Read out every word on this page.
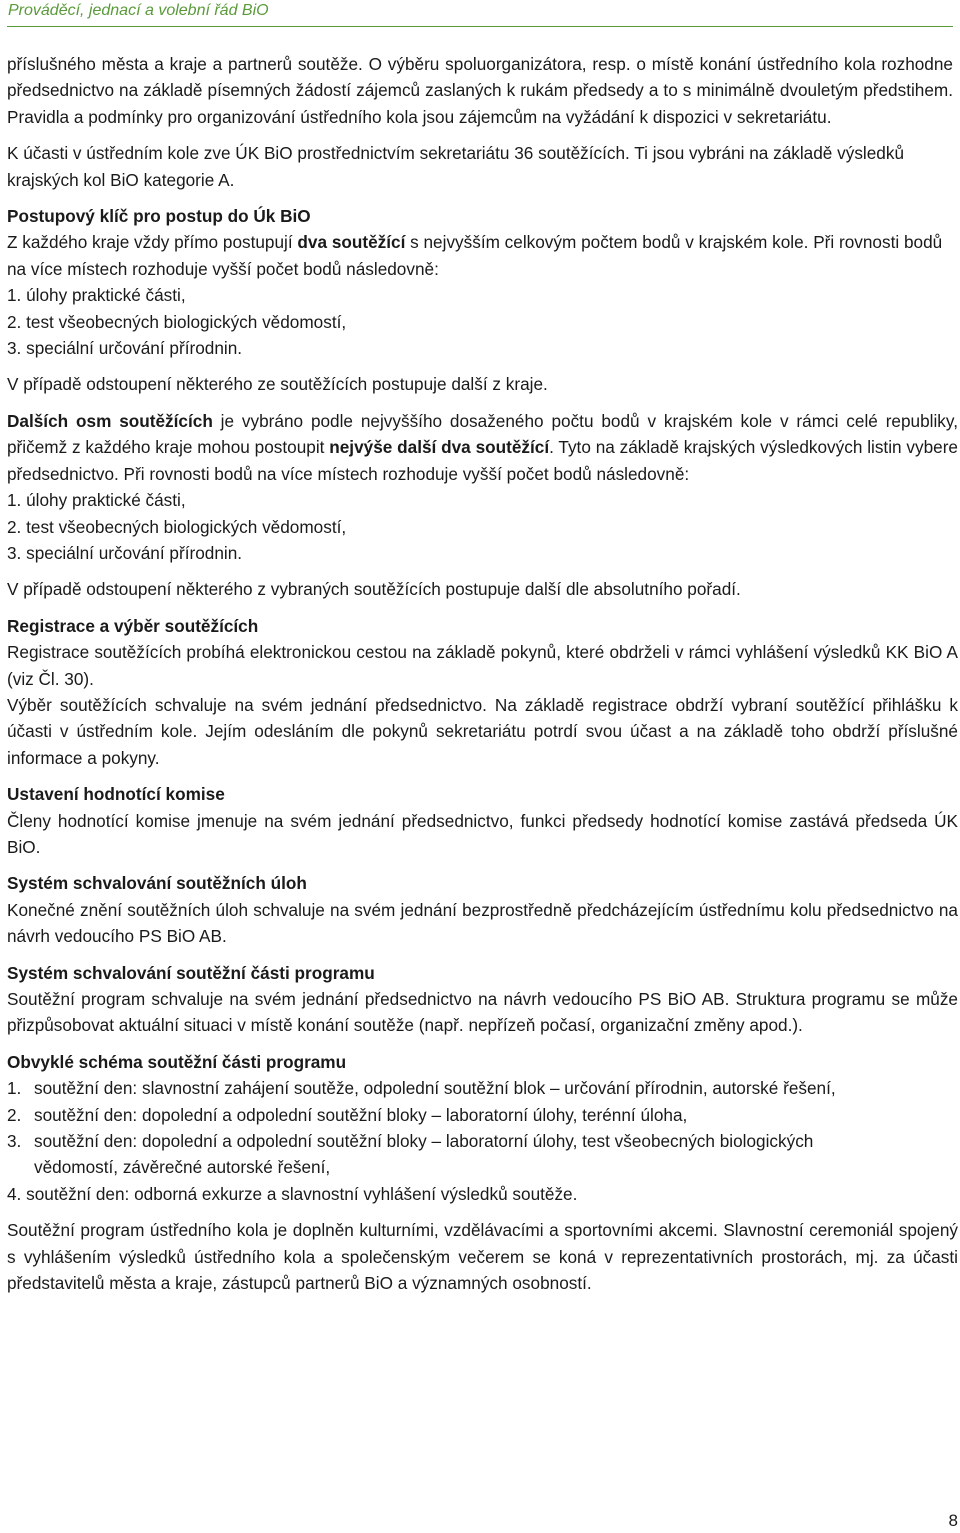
Prováděcí, jednací a volební řád BiO

příslušného města a kraje a partnerů soutěže. O výběru spoluorganizátora, resp. o místě konání ústředního kola rozhodne předsednictvo na základě písemných žádostí zájemců zaslaných k rukám předsedy a to s minimálně dvouletým předstihem. Pravidla a podmínky pro organizování ústředního kola jsou zájemcům na vyžádání k dispozici v sekretariátu.

K účasti v ústředním kole zve ÚK BiO prostřednictvím sekretariátu 36 soutěžících. Ti jsou vybráni na základě výsledků krajských kol BiO kategorie A.

Postupový klíč pro postup do Úk BiO

Z každého kraje vždy přímo postupují dva soutěžící s nejvyšším celkovým počtem bodů v krajském kole. Při rovnosti bodů na více místech rozhoduje vyšší počet bodů následovně:

1. úlohy praktické části,

2. test všeobecných biologických vědomostí,

3. speciální určování přírodnin.

V případě odstoupení některého ze soutěžících postupuje další z kraje.

Dalších osm soutěžících je vybráno podle nejvyššího dosaženého počtu bodů v krajském kole v rámci celé republiky, přičemž z každého kraje mohou postoupit nejvýše další dva soutěžící. Tyto na základě krajských výsledkových listin vybere předsednictvo. Při rovnosti bodů na více místech rozhoduje vyšší počet bodů následovně:

1. úlohy praktické části,

2. test všeobecných biologických vědomostí,

3. speciální určování přírodnin.

V případě odstoupení některého z vybraných soutěžících postupuje další dle absolutního pořadí.

Registrace a výběr soutěžících

Registrace soutěžících probíhá elektronickou cestou na základě pokynů, které obdrželi v rámci vyhlášení výsledků KK BiO A (viz Čl. 30).

Výběr soutěžících schvaluje na svém jednání předsednictvo. Na základě registrace obdrží vybraní soutěžící přihlášku k účasti v ústředním kole. Jejím odesláním dle pokynů sekretariátu potrdí svou účast a na základě toho obdrží příslušné informace a pokyny.

Ustavení hodnotící komise

Členy hodnotící komise jmenuje na svém jednání předsednictvo, funkci předsedy hodnotící komise zastává předseda ÚK BiO.

Systém schvalování soutěžních úloh

Konečné znění soutěžních úloh schvaluje na svém jednání bezprostředně předcházejícím ústřednímu kolu předsednictvo na návrh vedoucího PS BiO AB.

Systém schvalování soutěžní části programu

Soutěžní program schvaluje na svém jednání předsednictvo na návrh vedoucího PS BiO AB. Struktura programu se může přizpůsobovat aktuální situaci v místě konání soutěže (např. nepřízeň počasí, organizační změny apod.).

Obvyklé schéma soutěžní části programu

1. soutěžní den: slavnostní zahájení soutěže, odpolední soutěžní blok – určování přírodnin, autorské řešení,
2. soutěžní den: dopolední a odpolední soutěžní bloky – laboratorní úlohy, terénní úloha,
3. soutěžní den: dopolední a odpolední soutěžní bloky – laboratorní úlohy, test všeobecných biologických vědomostí, závěrečné autorské řešení,

4. soutěžní den: odborná exkurze a slavnostní vyhlášení výsledků soutěže.

Soutěžní program ústředního kola je doplněn kulturními, vzdělávacími a sportovními akcemi. Slavnostní ceremoniál spojený s vyhlášením výsledků ústředního kola a společenským večerem se koná v reprezentativních prostorách, mj. za účasti představitelů města a kraje, zástupců partnerů BiO a významných osobností.

8
